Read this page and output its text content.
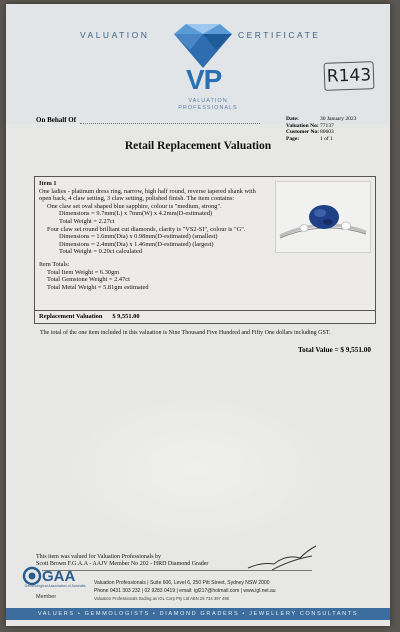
VALUATION	CERTIFICATE
VP
VALUATION PROFESSIONALS
R143
On Behalf Of	Date:	30 January 2023
Valuation No: 77137
Customer No: 80603
Page:	1 of 1
Retail Replacement Valuation
Item 1
One ladies - platinum dress ring, narrow, high half round, reverse tapered shank with open back, 4 claw setting, 3 claw setting, polished finish. The item contains:
One claw set oval shaped blue sapphire, colour is "medium, strong".
Dimensions = 9.7mm(L) x 7mm(W) x 4.2mm(D-estimated)
Total Weight = 2.27ct
Four claw set round brilliant cut diamonds, clarity is "VS2-SI", colour is "G".
Dimensions = 1.6mm(Dia) x 0.98mm(D-estimated) (smallest)
Dimensions = 2.4mm(Dia) x 1.46mm(D-estimated) (largest)
Total Weight = 0.20ct calculated
Item Totals:
Total Item Weight = 6.30gm
Total Gemstone Weight = 2.47ct
Total Metal Weight = 5.81gm estimated
Replacement Valuation $ 9,551.00
The total of the one item included in this valuation is Nine Thousand Five Hundred and Fifty One dollars including GST.
Total Value = $ 9,551.00
This item was valued for Valuation Professionals by
Scott Brown F.G.A.A - AAJV Member No 202 - HRD Diamond Grader
GAA
Gemmological Association of Australia
Member
Valuation Professionals | Suite 606, Level 6, 250 Pitt Street, Sydney NSW 2000
Phone 0431 303 232 | 02 9283 0419 | email: igl217@hotmail.com | www.igl.net.au
Valuation Professionals trading as IGL Corp Pty Ltd ABN 25 734 397 496
VALUERS • GEMMOLOGISTS • DIAMOND GRADERS • JEWELLERY CONSULTANTS
